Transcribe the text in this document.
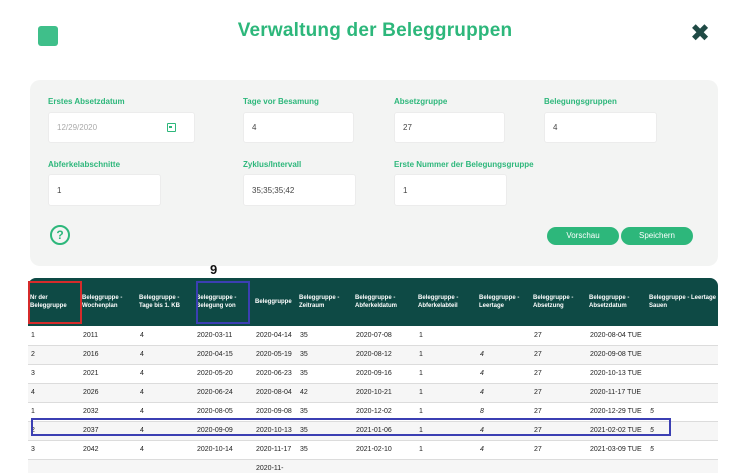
Verwaltung der Beleggruppen	✖
Erstes Absetzdatum
12/29/2020
Tage vor Besamung
4
Absetzgruppe
27
Belegungsgruppen
4
Abferkelabschnitte
1
Zyklus/Intervall
35;35;35;42
Erste Nummer der Belegungsgruppe
1
?	Vorschau	Speichern
9
Nr der Beleggruppe	Beleggruppe - Wochenplan	Beleggruppe - Tage bis 1. KB	Beleggruppe - Belegung von	Beleggruppe	Beleggruppe - Zeitraum	Beleggruppe - Abferkeldatum	Beleggruppe - Abferkelabteil	Beleggruppe - Leertage	Beleggruppe - Absetzung	Beleggruppe - Absetzdatum	Beleggruppe - Leertage Sauen
1	2011	4	2020-03-11	2020-04-14	35	2020-07-08	1		27	2020-08-04 TUE	
2	2016	4	2020-04-15	2020-05-19	35	2020-08-12	1	4	27	2020-09-08 TUE	
3	2021	4	2020-05-20	2020-06-23	35	2020-09-16	1	4	27	2020-10-13 TUE	
4	2026	4	2020-06-24	2020-08-04	42	2020-10-21	1	4	27	2020-11-17 TUE	
1	2032	4	2020-08-05	2020-09-08	35	2020-12-02	1	8	27	2020-12-29 TUE	5
2	2037	4	2020-09-09	2020-10-13	35	2021-01-06	1	4	27	2021-02-02 TUE	5
3	2042	4	2020-10-14	2020-11-17	35	2021-02-10	1	4	27	2021-03-09 TUE	5
				2020-11-							
